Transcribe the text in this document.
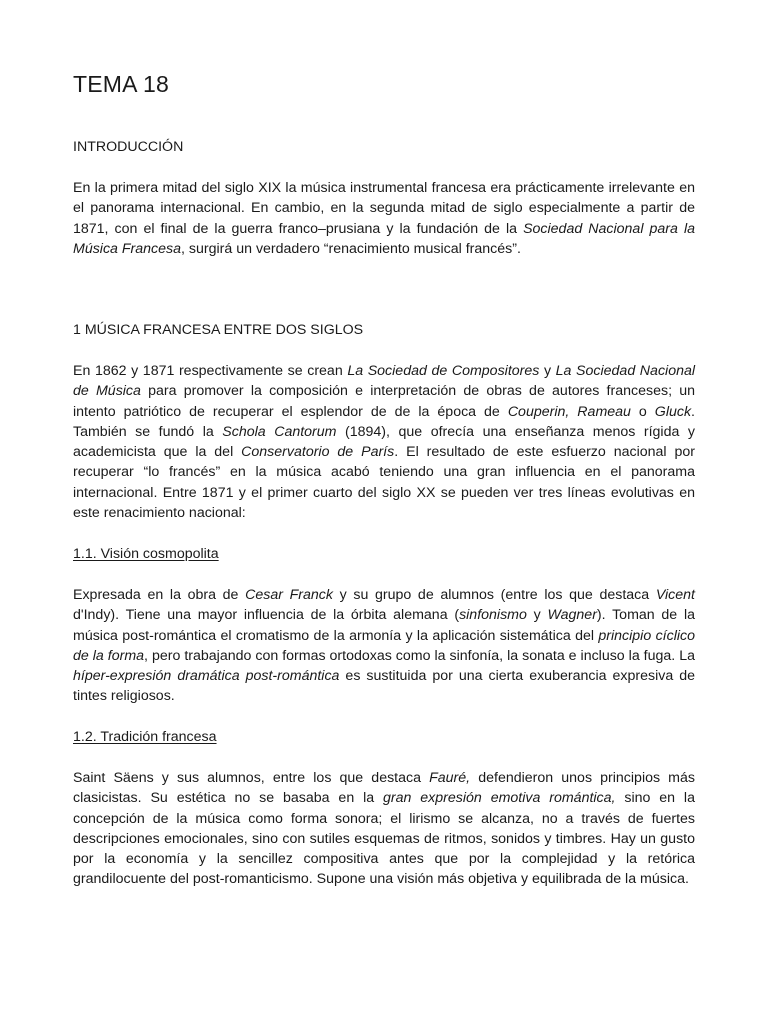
TEMA 18
INTRODUCCIÓN

En la primera mitad del siglo XIX la música instrumental francesa era prácticamente irrelevante en el panorama internacional. En cambio, en la segunda mitad de siglo especialmente a partir de 1871, con el final de la guerra franco–prusiana y la fundación de la Sociedad Nacional para la Música Francesa, surgirá un verdadero “renacimiento musical francés”.

1 MÚSICA FRANCESA ENTRE DOS SIGLOS

En 1862 y 1871 respectivamente se crean La Sociedad de Compositores y La Sociedad Nacional de Música para promover la composición e interpretación de obras de autores franceses; un intento patriótico de recuperar el esplendor de de la época de Couperin, Rameau o Gluck. También se fundó la Schola Cantorum (1894), que ofrecía una enseñanza menos rígida y academicista que la del Conservatorio de París. El resultado de este esfuerzo nacional por recuperar “lo francés” en la música acabó teniendo una gran influencia en el panorama internacional. Entre 1871 y el primer cuarto del siglo XX se pueden ver tres líneas evolutivas en este renacimiento nacional:

1.1. Visión cosmopolita

Expresada en la obra de Cesar Franck y su grupo de alumnos (entre los que destaca Vicent d'Indy). Tiene una mayor influencia de la órbita alemana (sinfonismo y Wagner). Toman de la música post-romántica el cromatismo de la armonía y la aplicación sistemática del principio cíclico de la forma, pero trabajando con formas ortodoxas como la sinfonía, la sonata e incluso la fuga. La híper-expresión dramática post-romántica es sustituida por una cierta exuberancia expresiva de tintes religiosos.

1.2. Tradición francesa

Saint Säens y sus alumnos, entre los que destaca Fauré, defendieron unos principios más clasicistas. Su estética no se basaba en la gran expresión emotiva romántica, sino en la concepción de la música como forma sonora; el lirismo se alcanza, no a través de fuertes descripciones emocionales, sino con sutiles esquemas de ritmos, sonidos y timbres. Hay un gusto por la economía y la sencillez compositiva antes que por la complejidad y la retórica grandilocuente del post-romanticismo. Supone una visión más objetiva y equilibrada de la música.
